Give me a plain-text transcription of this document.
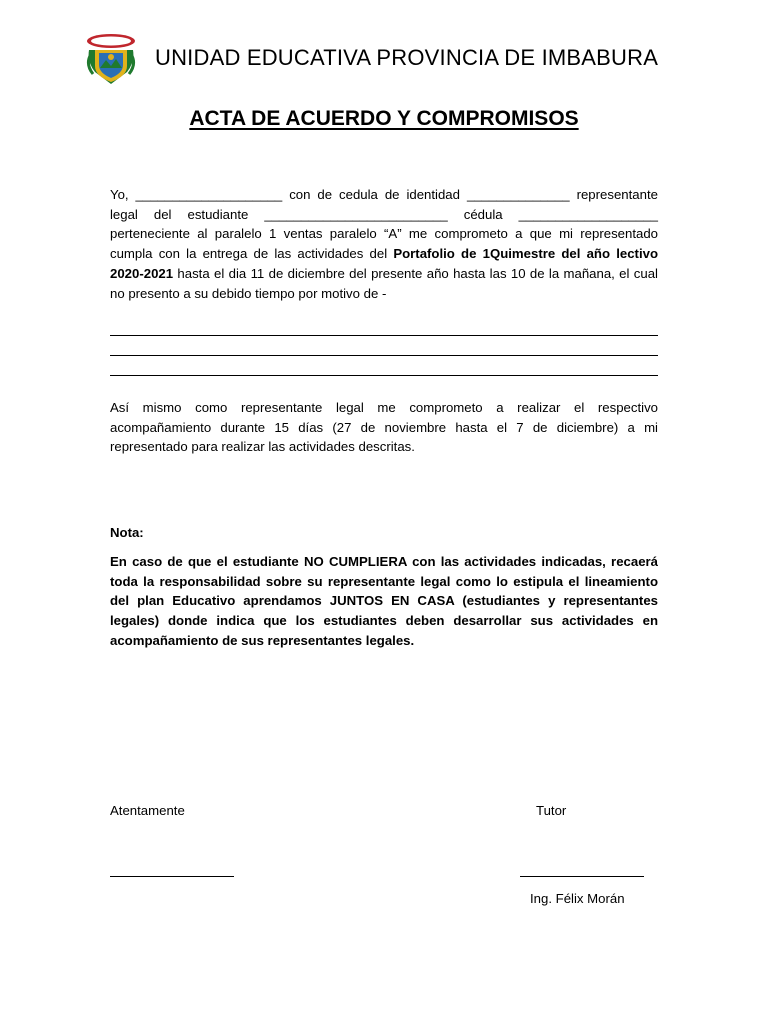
UNIDAD EDUCATIVA PROVINCIA DE IMBABURA
ACTA DE ACUERDO Y COMPROMISOS

Yo, ____________________ con de cedula de identidad ______________ representante legal del estudiante _________________________ cédula ___________________ perteneciente al paralelo 1 ventas paralelo “A” me comprometo a que mi representado cumpla con la entrega de las actividades del Portafolio de 1Quimestre del año lectivo 2020-2021 hasta el dia 11 de diciembre del presente año hasta las 10 de la mañana, el cual no presento a su debido tiempo por motivo de -

Así mismo como representante legal me comprometo a realizar el respectivo acompañamiento durante 15 días (27 de noviembre hasta el 7 de diciembre) a mi representado para realizar las actividades descritas.

Nota:

En caso de que el estudiante NO CUMPLIERA con las actividades indicadas, recaerá toda la responsabilidad sobre su representante legal como lo estipula el lineamiento del plan Educativo aprendamos JUNTOS EN CASA (estudiantes y representantes legales) donde indica que los estudiantes deben desarrollar sus actividades en acompañamiento de sus representantes legales.

Atentamente	Tutor
Ing. Félix Morán
